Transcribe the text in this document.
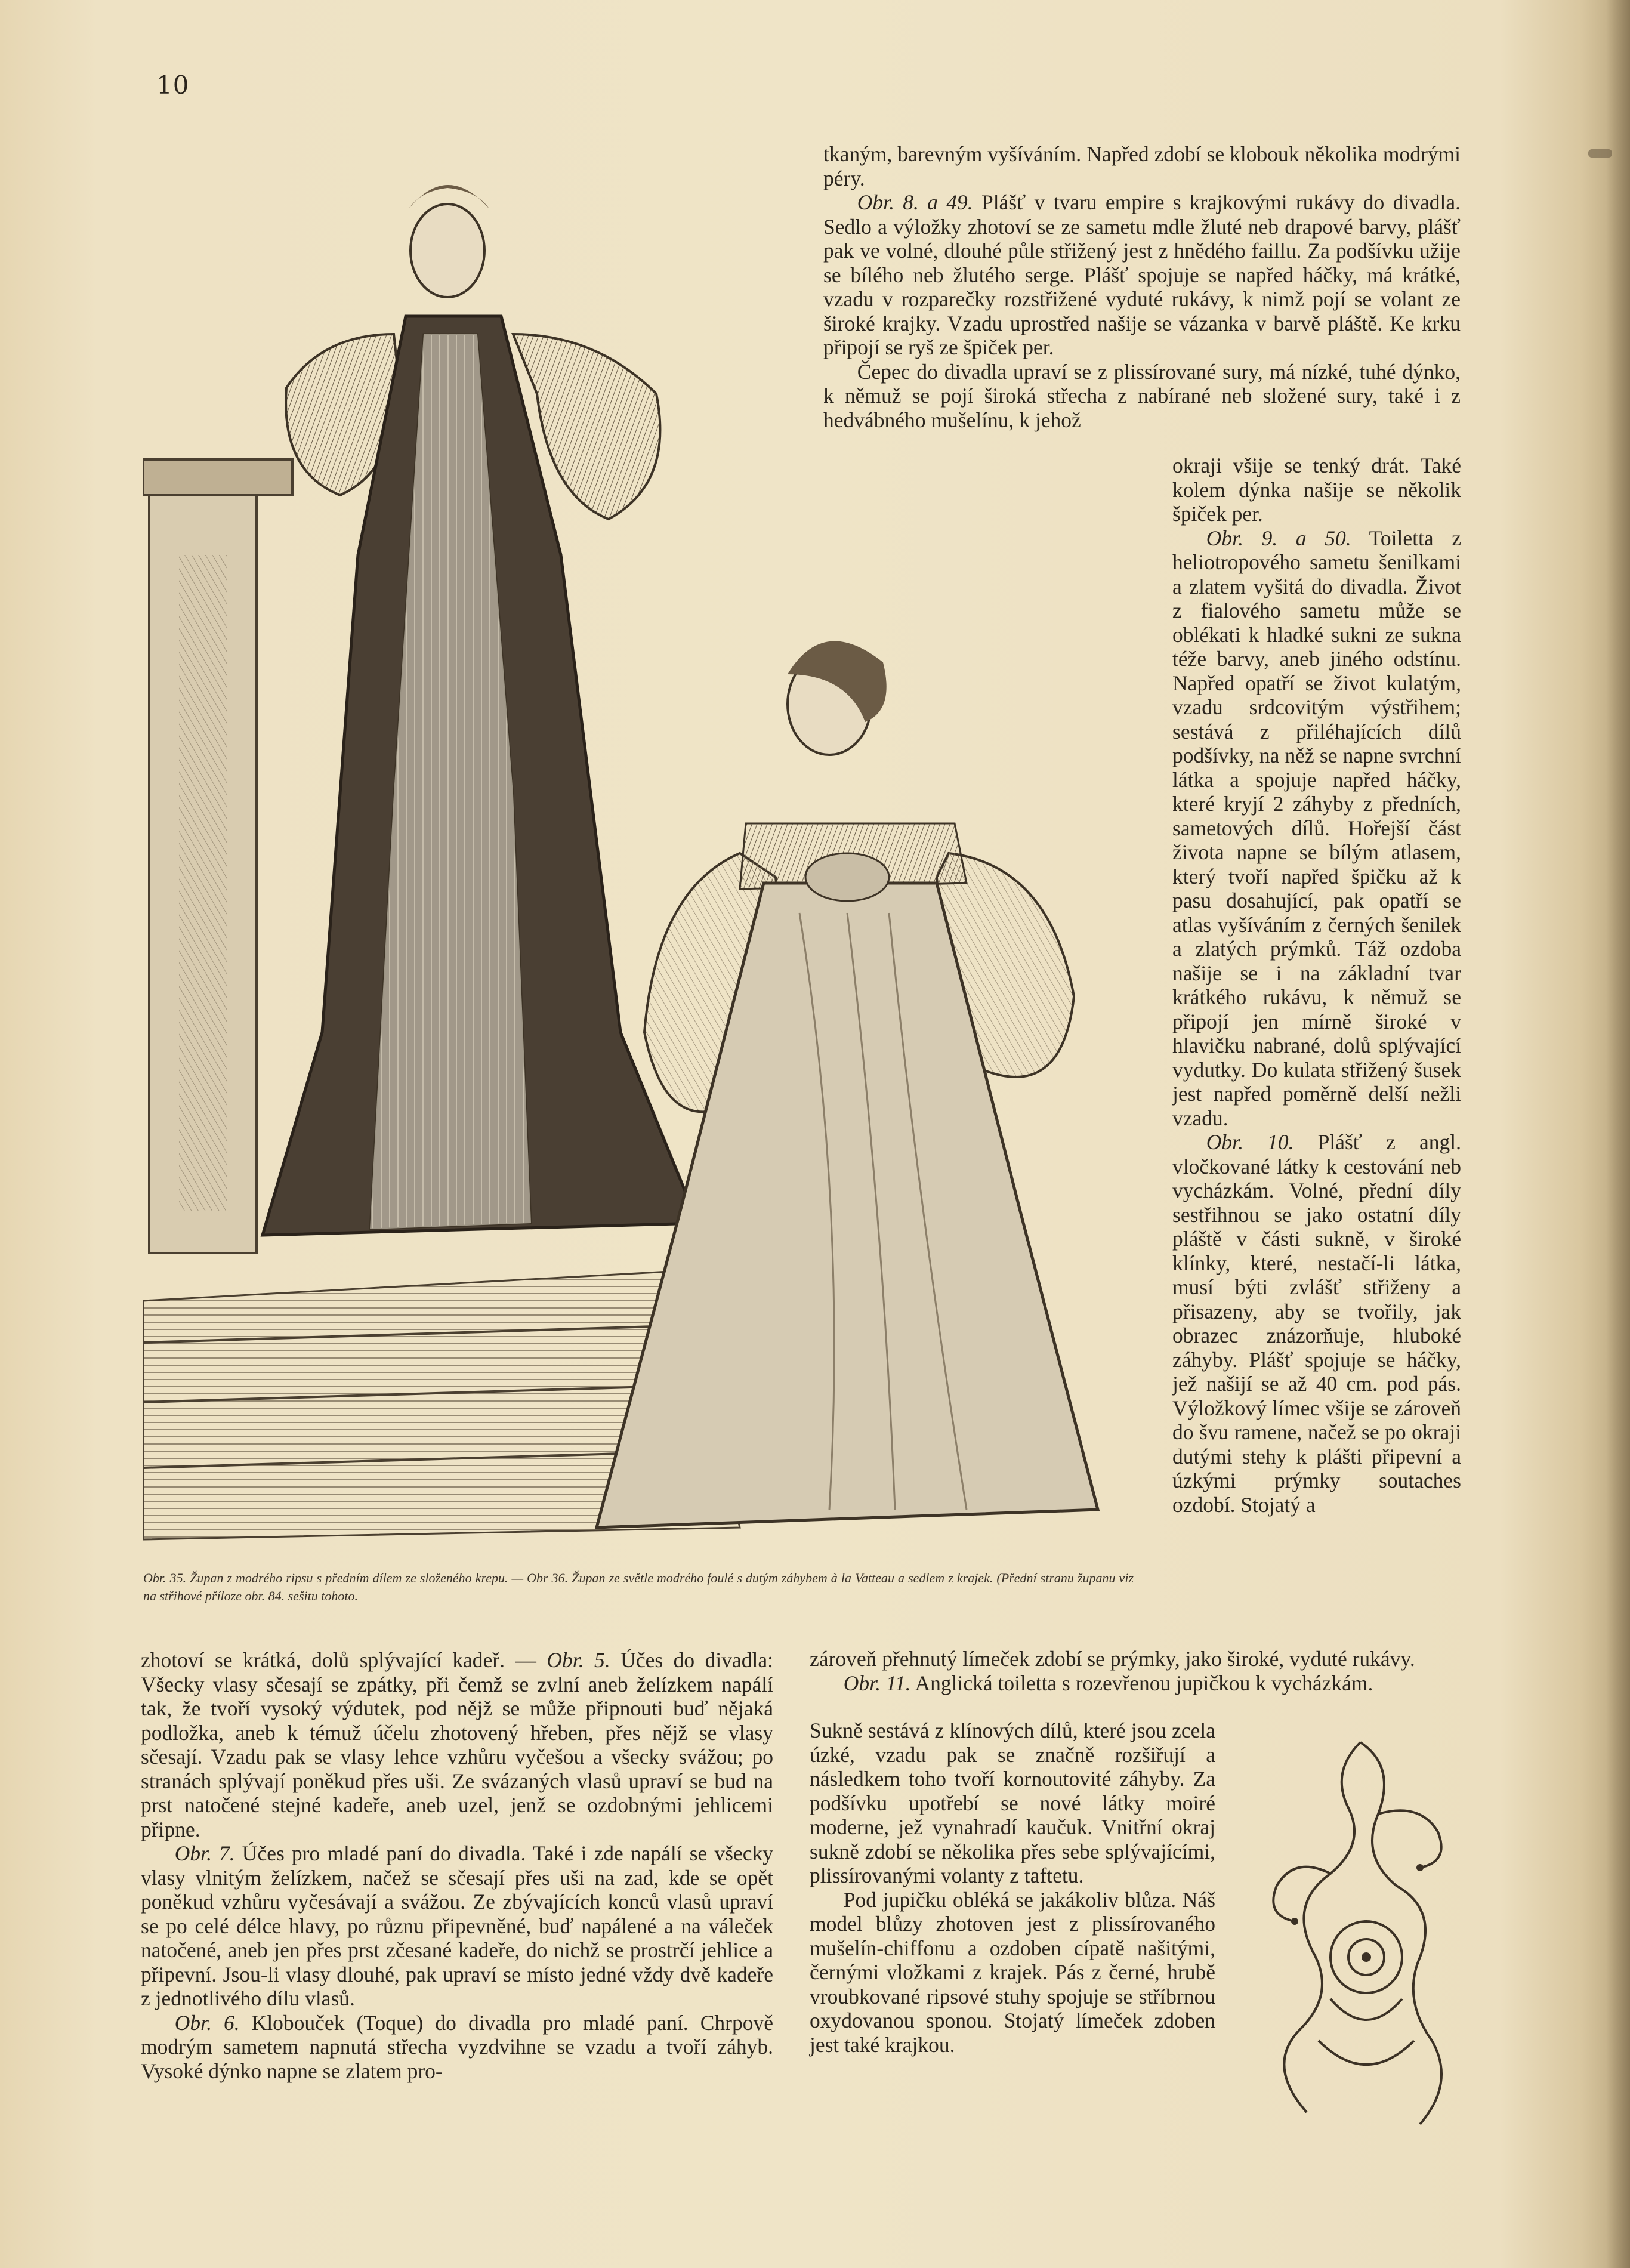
10
Obr. 35. Župan z modrého ripsu s předním dílem ze složeného krepu. — Obr 36. Župan ze světle modrého foulé s dutým záhybem à la Vatteau a sedlem z krajek. (Přední stranu županu viz na střihové příloze obr. 84. sešitu tohoto.

tkaným, barevným vyšíváním. Napřed zdobí se klobouk několika modrými péry.

Obr. 8. a 49. Plášť v tvaru empire s krajkovými rukávy do divadla. Sedlo a výložky zhotoví se ze sametu mdle žluté neb drapové barvy, plášť pak ve volné, dlouhé půle střižený jest z hnědého faillu. Za podšívku užije se bílého neb žlutého serge. Plášť spojuje se napřed háčky, má krátké, vzadu v rozparečky rozstřižené vyduté rukávy, k nimž pojí se volant ze široké krajky. Vzadu uprostřed našije se vázanka v barvě pláště. Ke krku připojí se ryš ze špiček per.

Čepec do divadla upraví se z plissírované sury, má nízké, tuhé dýnko, k němuž se pojí široká střecha z nabírané neb složené sury, také i z hedvábného mušelínu, k jehož

okraji všije se tenký drát. Také kolem dýnka našije se několik špiček per.

Obr. 9. a 50. Toiletta z heliotropového sametu šenilkami a zlatem vyšitá do divadla. Život z fialového sametu může se oblékati k hladké sukni ze sukna téže barvy, aneb jiného odstínu. Napřed opatří se život kulatým, vzadu srdcovitým výstřihem; sestává z přiléhajících dílů podšívky, na něž se napne svrchní látka a spojuje napřed háčky, které kryjí 2 záhyby z předních, sametových dílů. Hořejší část života napne se bílým atlasem, který tvoří napřed špičku až k pasu dosahující, pak opatří se atlas vyšíváním z černých šenilek a zlatých prýmků. Táž ozdoba našije se i na základní tvar krátkého rukávu, k němuž se připojí jen mírně široké v hlavičku nabrané, dolů splývající vydutky. Do kulata střižený šusek jest napřed poměrně delší nežli vzadu.

Obr. 10. Plášť z angl. vločkované látky k cestování neb vycházkám. Volné, přední díly sestřihnou se jako ostatní díly pláště v části sukně, v široké klínky, které, nestačí-li látka, musí býti zvlášť střiženy a přisazeny, aby se tvořily, jak obrazec znázorňuje, hluboké záhyby. Plášť spojuje se háčky, jež našijí se až 40 cm. pod pás. Výložkový límec všije se zároveň do švu ramene, načež se po okraji dutými stehy k plášti připevní a úzkými prýmky soutaches ozdobí. Stojatý a

zhotoví se krátká, dolů splývající kadeř. — Obr. 5. Účes do divadla: Všecky vlasy sčesají se zpátky, při čemž se zvlní aneb želízkem napálí tak, že tvoří vysoký výdutek, pod nějž se může připnouti buď nějaká podložka, aneb k témuž účelu zhotovený hřeben, přes nějž se vlasy sčesají. Vzadu pak se vlasy lehce vzhůru vyčešou a všecky svážou; po stranách splývají poněkud přes uši. Ze svázaných vlasů upraví se bud na prst natočené stejné kadeře, aneb uzel, jenž se ozdobnými jehlicemi připne.

Obr. 7. Účes pro mladé paní do divadla. Také i zde napálí se všecky vlasy vlnitým želízkem, načež se sčesají přes uši na zad, kde se opět poněkud vzhůru vyčesávají a svážou. Ze zbývajících konců vlasů upraví se po celé délce hlavy, po různu připevněné, buď napálené a na váleček natočené, aneb jen přes prst zčesané kadeře, do nichž se prostrčí jehlice a připevní. Jsou-li vlasy dlouhé, pak upraví se místo jedné vždy dvě kadeře z jednotlivého dílu vlasů.

Obr. 6. Klobouček (Toque) do divadla pro mladé paní. Chrpově modrým sametem napnutá střecha vyzdvihne se vzadu a tvoří záhyb. Vysoké dýnko napne se zlatem pro-

zároveň přehnutý límeček zdobí se prýmky, jako široké, vyduté rukávy.

Obr. 11. Anglická toiletta s rozevřenou jupičkou k vycházkám.

Sukně sestává z klínových dílů, které jsou zcela úzké, vzadu pak se značně rozšiřují a následkem toho tvoří kornoutovité záhyby. Za podšívku upotřebí se nové látky moiré moderne, jež vynahradí kaučuk. Vnitřní okraj sukně zdobí se několika přes sebe splývajícími, plissírovanými volanty z taftetu.

Pod jupičku obléká se jakákoliv blůza. Náš model blůzy zhotoven jest z plissírovaného mušelín-chiffonu a ozdoben cípatě našitými, černými vložkami z krajek. Pás z černé, hrubě vroubkované ripsové stuhy spojuje se stříbrnou oxydovanou sponou. Stojatý límeček zdoben jest také krajkou.
